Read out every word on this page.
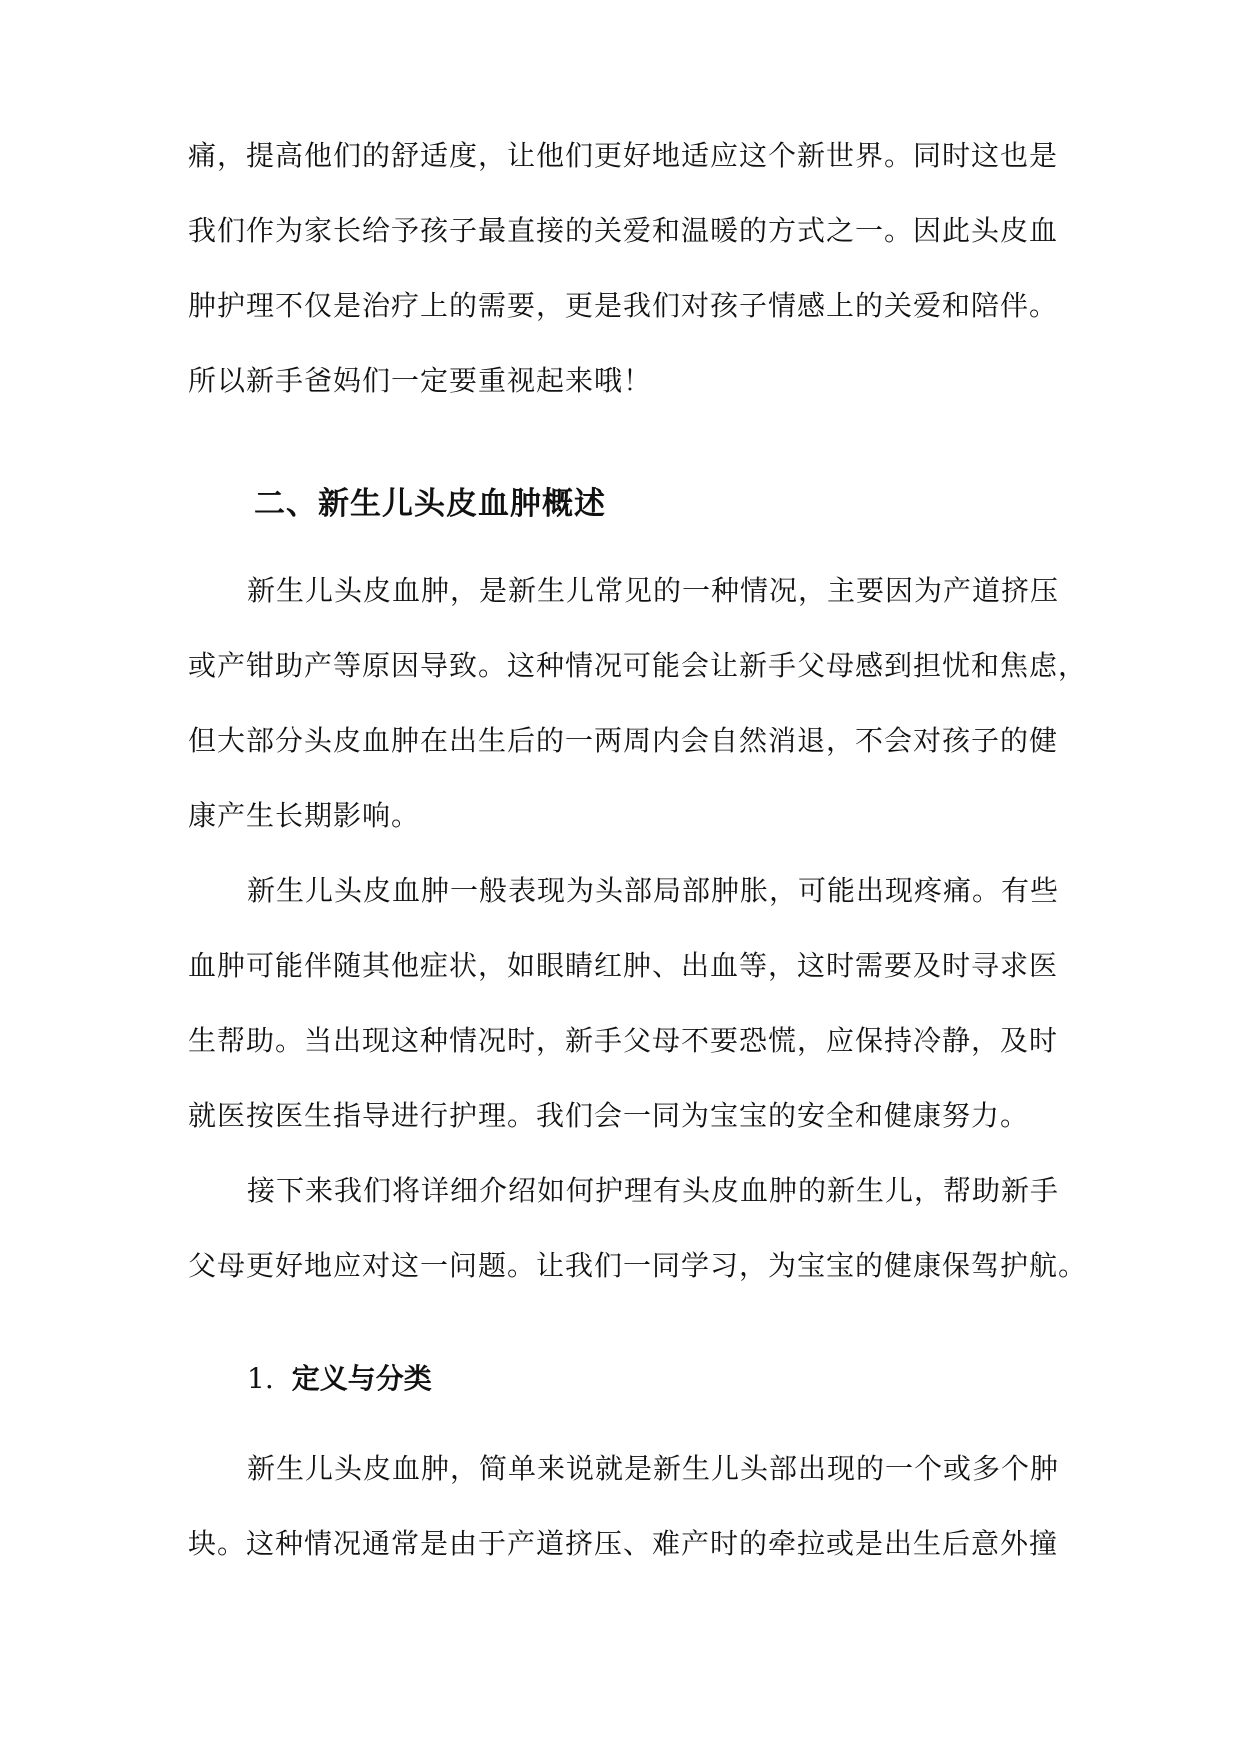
痛，提高他们的舒适度，让他们更好地适应这个新世界。同时这也是
我们作为家长给予孩子最直接的关爱和温暖的方式之一。因此头皮血
肿护理不仅是治疗上的需要，更是我们对孩子情感上的关爱和陪伴。
所以新手爸妈们一定要重视起来哦！
二、新生儿头皮血肿概述
新生儿头皮血肿，是新生儿常见的一种情况，主要因为产道挤压
或产钳助产等原因导致。这种情况可能会让新手父母感到担忧和焦虑，
但大部分头皮血肿在出生后的一两周内会自然消退，不会对孩子的健
康产生长期影响。
新生儿头皮血肿一般表现为头部局部肿胀，可能出现疼痛。有些
血肿可能伴随其他症状，如眼睛红肿、出血等，这时需要及时寻求医
生帮助。当出现这种情况时，新手父母不要恐慌，应保持冷静，及时
就医按医生指导进行护理。我们会一同为宝宝的安全和健康努力。
接下来我们将详细介绍如何护理有头皮血肿的新生儿，帮助新手
父母更好地应对这一问题。让我们一同学习，为宝宝的健康保驾护航。
1. 定义与分类
新生儿头皮血肿，简单来说就是新生儿头部出现的一个或多个肿
块。这种情况通常是由于产道挤压、难产时的牵拉或是出生后意外撞
